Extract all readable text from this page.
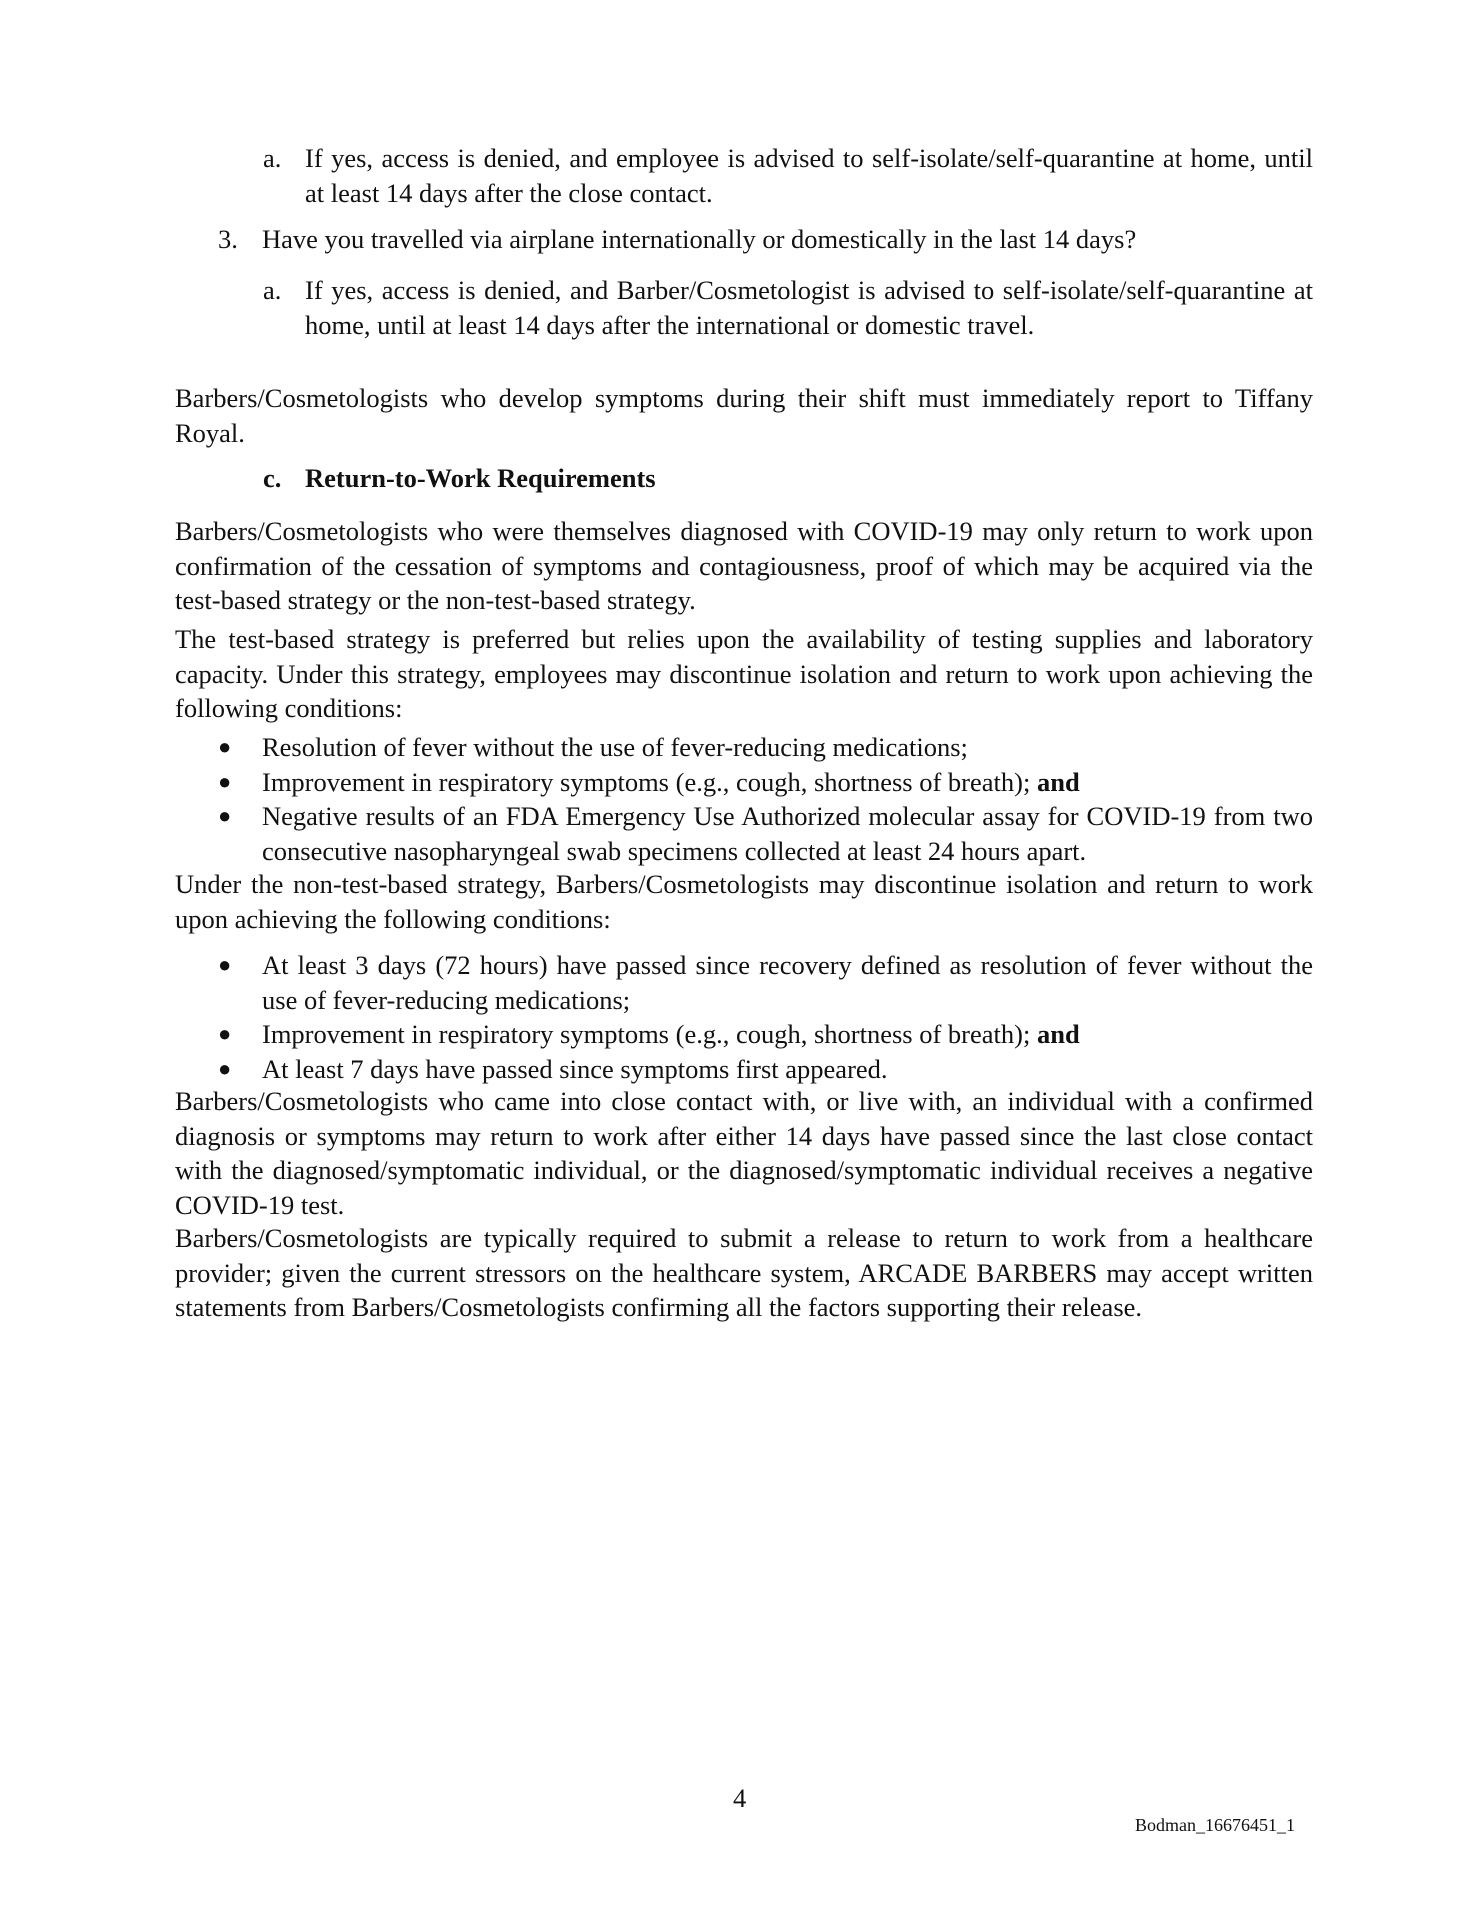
a. If yes, access is denied, and employee is advised to self-isolate/self-quarantine at home, until at least 14 days after the close contact.
3. Have you travelled via airplane internationally or domestically in the last 14 days?
a. If yes, access is denied, and Barber/Cosmetologist is advised to self-isolate/self-quarantine at home, until at least 14 days after the international or domestic travel.
Barbers/Cosmetologists who develop symptoms during their shift must immediately report to Tiffany Royal.
c. Return-to-Work Requirements
Barbers/Cosmetologists who were themselves diagnosed with COVID-19 may only return to work upon confirmation of the cessation of symptoms and contagiousness, proof of which may be acquired via the test-based strategy or the non-test-based strategy.
The test-based strategy is preferred but relies upon the availability of testing supplies and laboratory capacity. Under this strategy, employees may discontinue isolation and return to work upon achieving the following conditions:
● Resolution of fever without the use of fever-reducing medications;
● Improvement in respiratory symptoms (e.g., cough, shortness of breath); and
● Negative results of an FDA Emergency Use Authorized molecular assay for COVID-19 from two consecutive nasopharyngeal swab specimens collected at least 24 hours apart.
Under the non-test-based strategy, Barbers/Cosmetologists may discontinue isolation and return to work upon achieving the following conditions:
● At least 3 days (72 hours) have passed since recovery defined as resolution of fever without the use of fever-reducing medications;
● Improvement in respiratory symptoms (e.g., cough, shortness of breath); and
● At least 7 days have passed since symptoms first appeared.
Barbers/Cosmetologists who came into close contact with, or live with, an individual with a confirmed diagnosis or symptoms may return to work after either 14 days have passed since the last close contact with the diagnosed/symptomatic individual, or the diagnosed/symptomatic individual receives a negative COVID-19 test.
Barbers/Cosmetologists are typically required to submit a release to return to work from a healthcare provider; given the current stressors on the healthcare system, ARCADE BARBERS may accept written statements from Barbers/Cosmetologists confirming all the factors supporting their release.
4
Bodman_16676451_1
